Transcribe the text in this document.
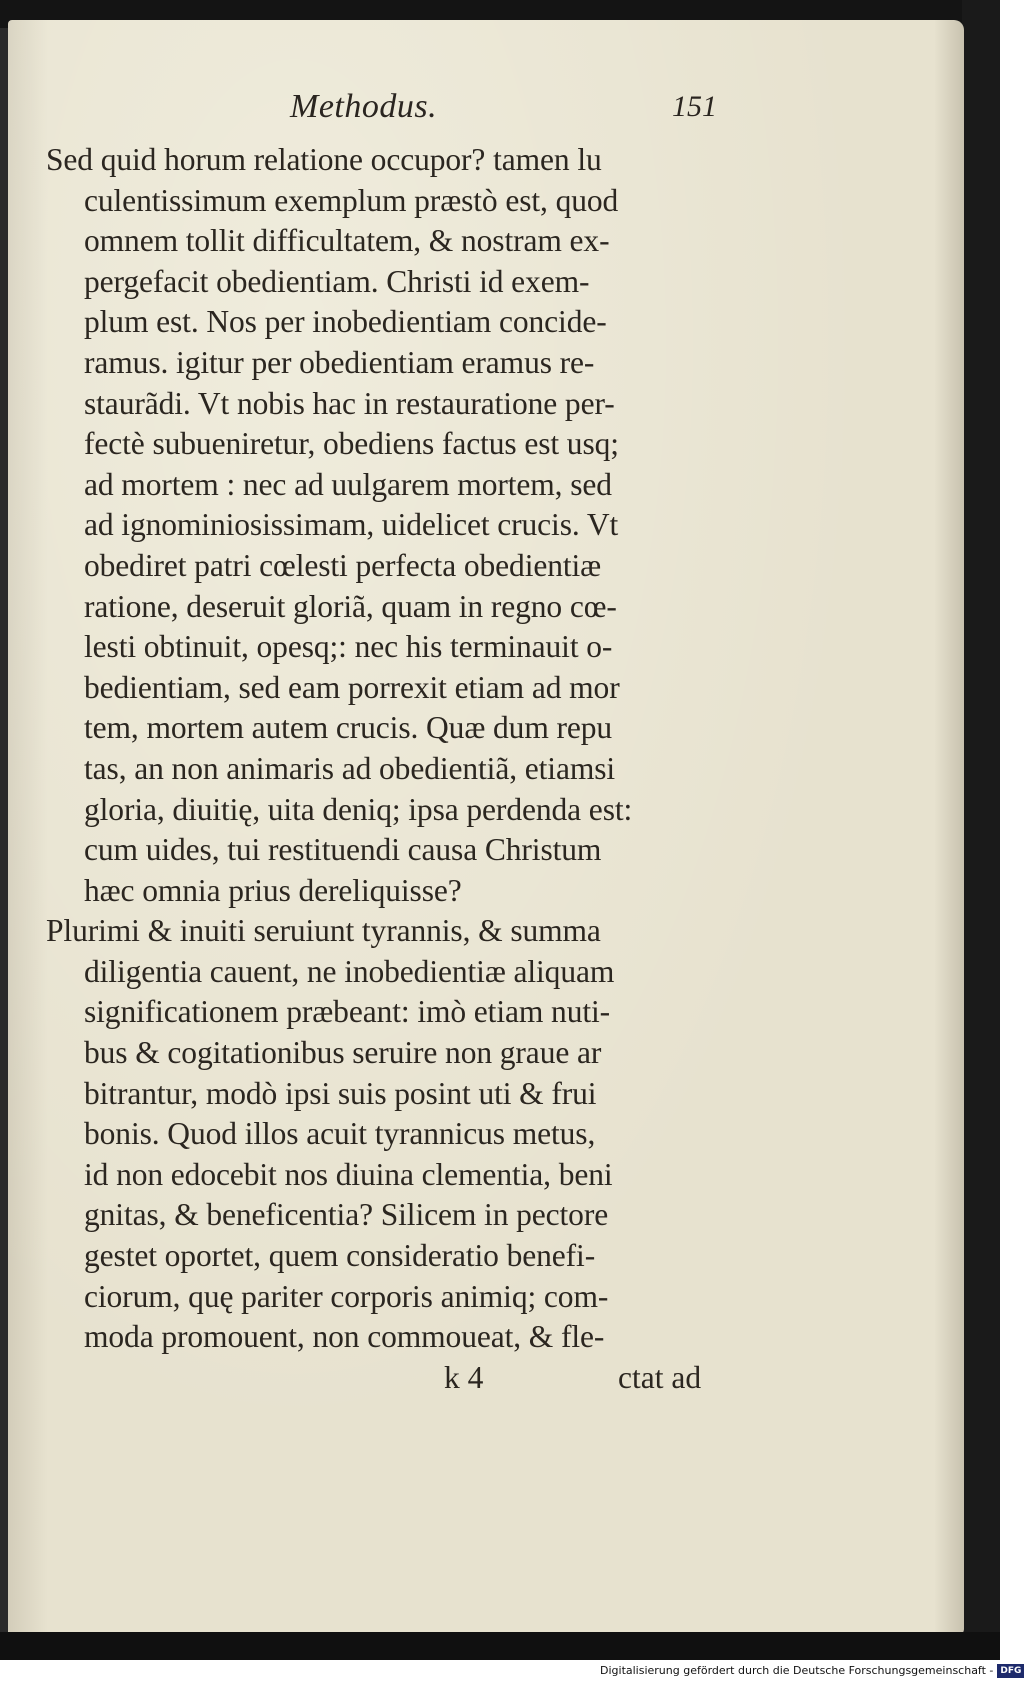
Methodus.	151

Sed quid horum relatione occupor? tamen lu
culentissimum exemplum præstò est, quod
omnem tollit difficultatem, & nostram ex-
pergefacit obedientiam. Christi id exem-
plum est. Nos per inobedientiam concide-
ramus. igitur per obedientiam eramus re-
staurãdi. Vt nobis hac in restauratione per-
fectè subueniretur, obediens factus est usq;
ad mortem : nec ad uulgarem mortem, sed
ad ignominiosissimam, uidelicet crucis. Vt
obediret patri cœlesti perfecta obedientiæ
ratione, deseruit gloriã, quam in regno cœ-
lesti obtinuit, opesq;: nec his terminauit o-
bedientiam, sed eam porrexit etiam ad mor
tem, mortem autem crucis. Quæ dum repu
tas, an non animaris ad obedientiã, etiamsi
gloria, diuitię, uita deniq; ipsa perdenda est:
cum uides, tui restituendi causa Christum
hæc omnia prius dereliquisse?

Plurimi & inuiti seruiunt tyrannis, & summa
diligentia cauent, ne inobedientiæ aliquam
significationem præbeant: imò etiam nuti-
bus & cogitationibus seruire non graue ar
bitrantur, modò ipsi suis posint uti & frui
bonis. Quod illos acuit tyrannicus metus,
id non edocebit nos diuina clementia, beni
gnitas, & beneficentia? Silicem in pectore
gestet oportet, quem consideratio benefi-
ciorum, quę pariter corporis animiq; com-
moda promouent, non commoueat, & fle-

k 4	ctat ad
Digitalisierung gefördert durch die Deutsche Forschungsgemeinschaft - DFG
